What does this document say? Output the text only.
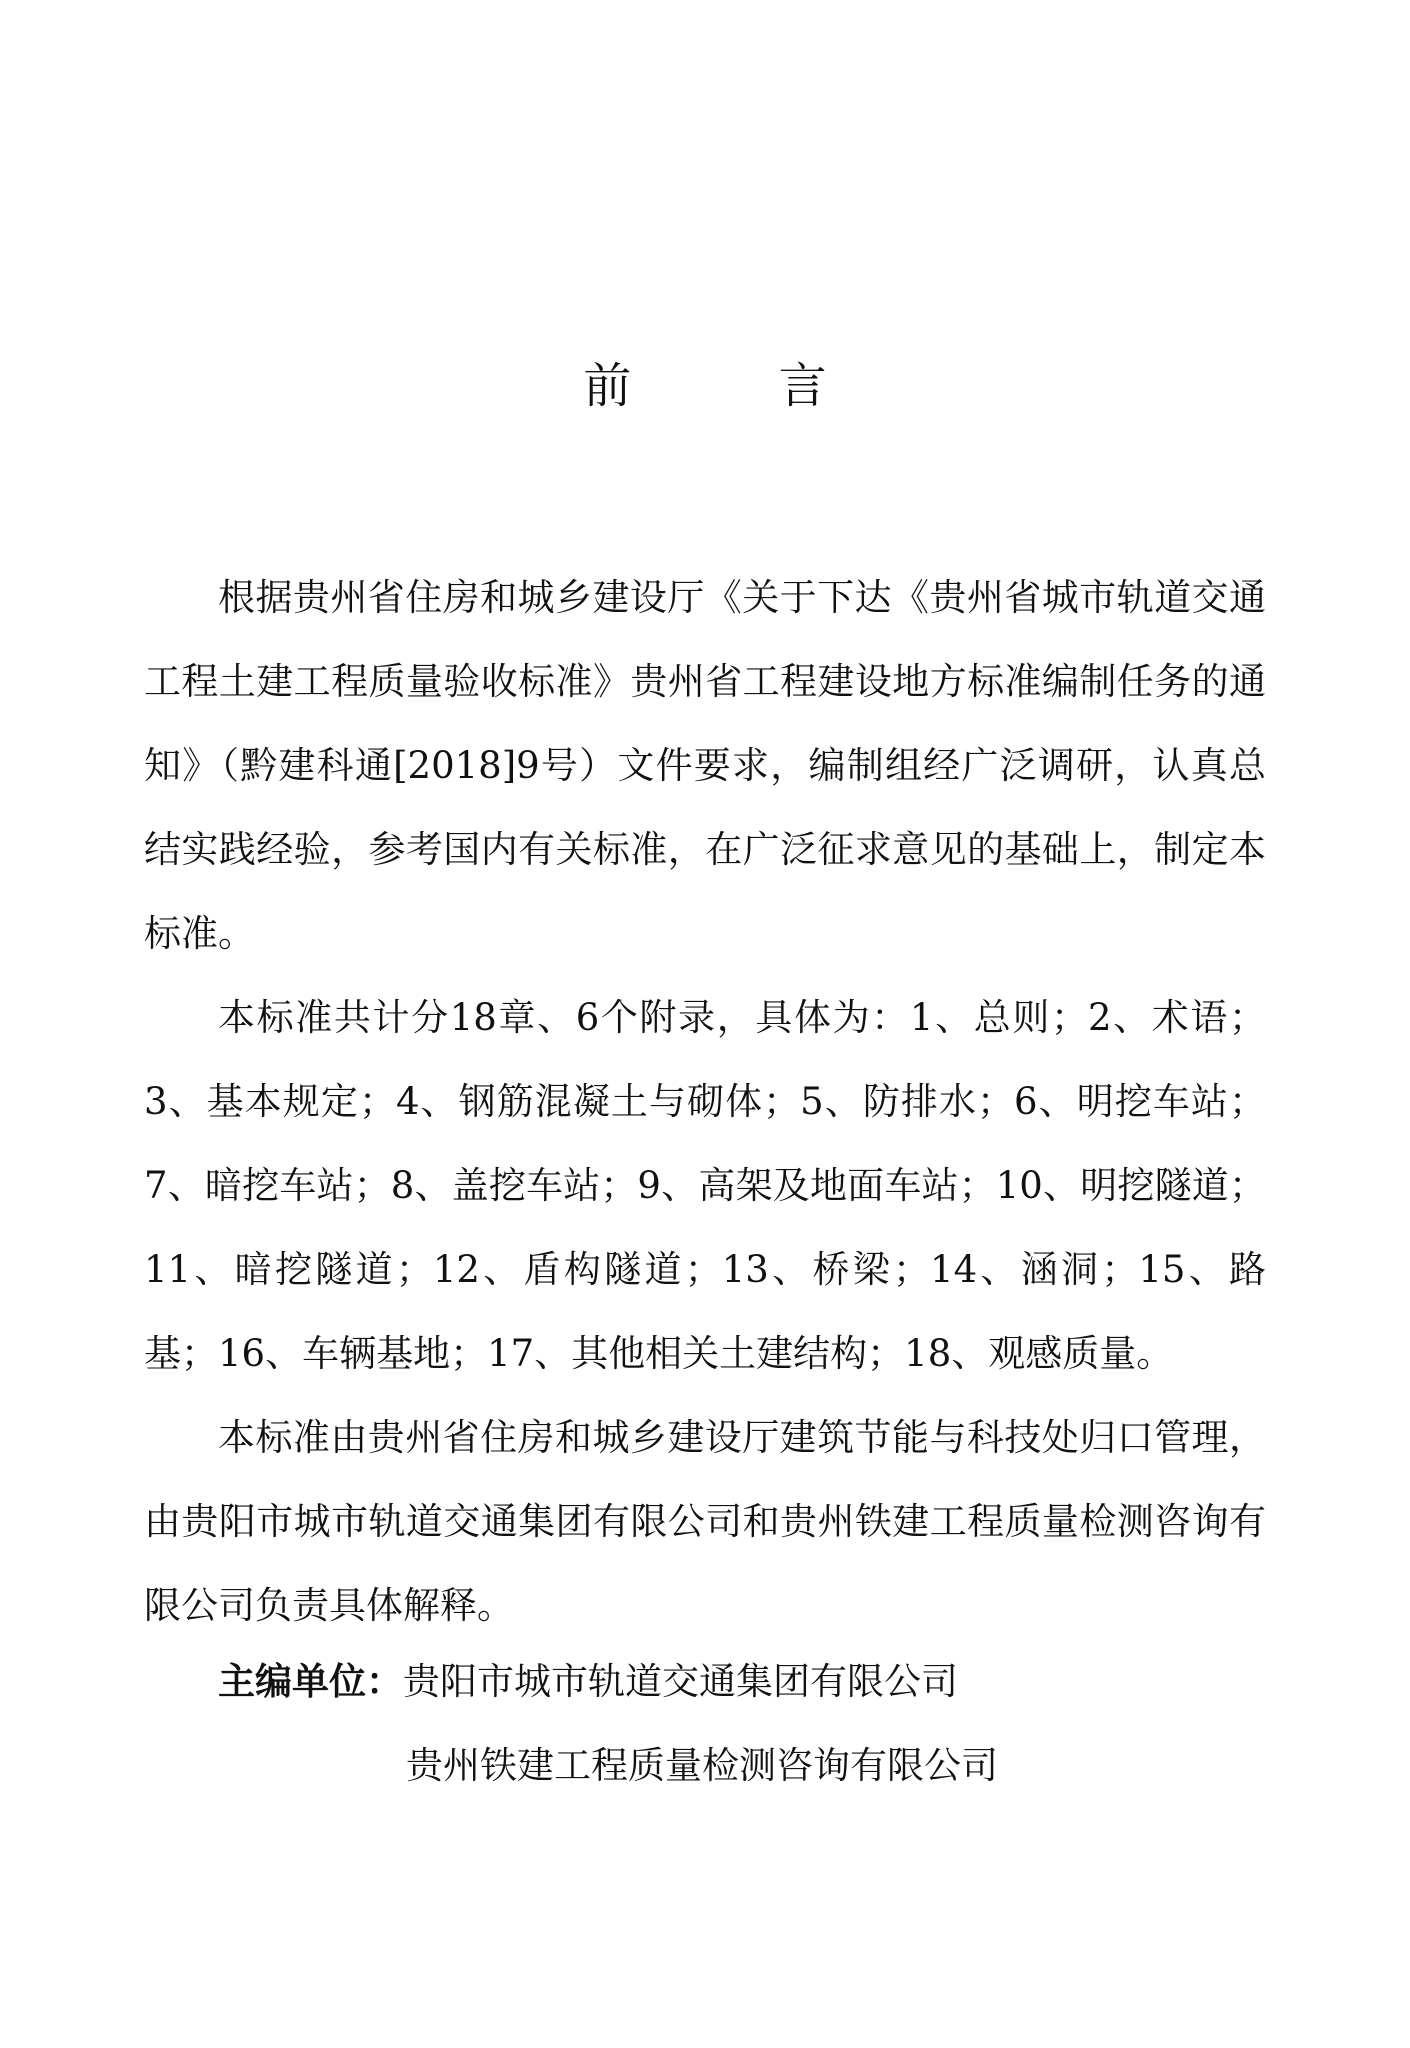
前 言

根据贵州省住房和城乡建设厅《关于下达《贵州省城市轨道交通工程土建工程质量验收标准》贵州省工程建设地方标准编制任务的通知》（黔建科通[2018]9号）文件要求，编制组经广泛调研，认真总结实践经验，参考国内有关标准，在广泛征求意见的基础上，制定本标准。

本标准共计分18章、6个附录，具体为：1、总则；2、术语；3、基本规定；4、钢筋混凝土与砌体；5、防排水；6、明挖车站；7、暗挖车站；8、盖挖车站；9、高架及地面车站；10、明挖隧道；11、暗挖隧道；12、盾构隧道；13、桥梁；14、涵洞；15、路基；16、车辆基地；17、其他相关土建结构；18、观感质量。

本标准由贵州省住房和城乡建设厅建筑节能与科技处归口管理，由贵阳市城市轨道交通集团有限公司和贵州铁建工程质量检测咨询有限公司负责具体解释。

主编单位：贵阳市城市轨道交通集团有限公司
贵州铁建工程质量检测咨询有限公司
